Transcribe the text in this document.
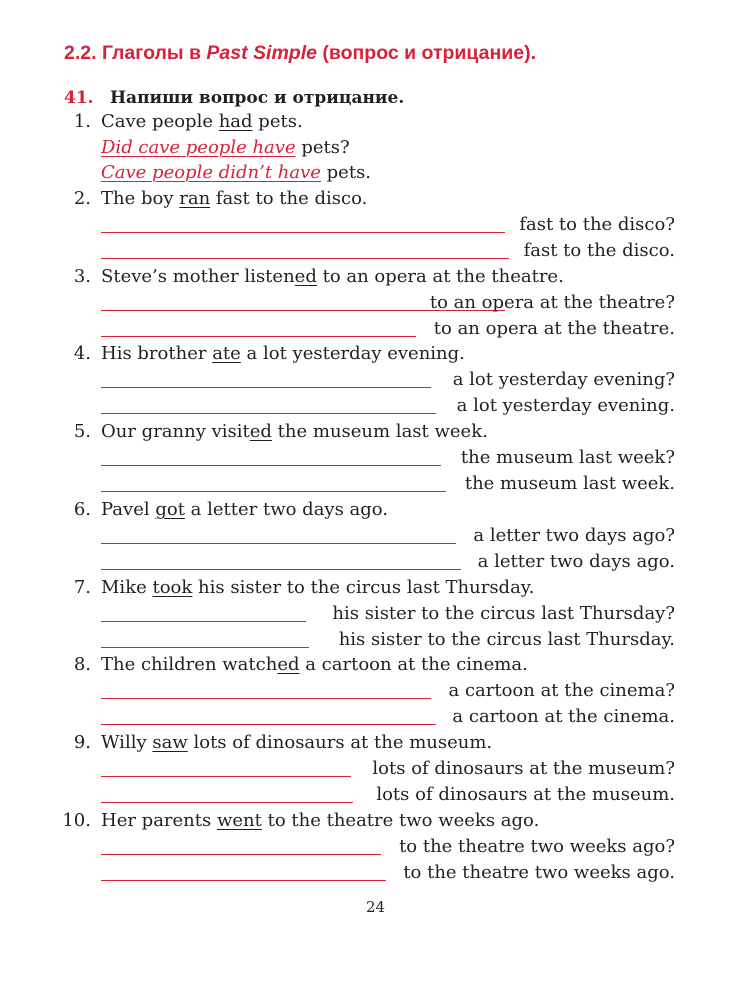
2.2. Глаголы в Past Simple (вопрос и отрицание).
41. Напиши вопрос и отрицание.
1. Cave people had pets.
Did cave people have pets?
Cave people didn’t have pets.
2. The boy ran fast to the disco.
fast to the disco?
fast to the disco.
3. Steve’s mother listened to an opera at the theatre.
to an opera at the theatre?
to an opera at the theatre.
4. His brother ate a lot yesterday evening.
a lot yesterday evening?
a lot yesterday evening.
5. Our granny visited the museum last week.
the museum last week?
the museum last week.
6. Pavel got a letter two days ago.
a letter two days ago?
a letter two days ago.
7. Mike took his sister to the circus last Thursday.
his sister to the circus last Thursday?
his sister to the circus last Thursday.
8. The children watched a cartoon at the cinema.
a cartoon at the cinema?
a cartoon at the cinema.
9. Willy saw lots of dinosaurs at the museum.
lots of dinosaurs at the museum?
lots of dinosaurs at the museum.
10. Her parents went to the theatre two weeks ago.
to the theatre two weeks ago?
to the theatre two weeks ago.
24
